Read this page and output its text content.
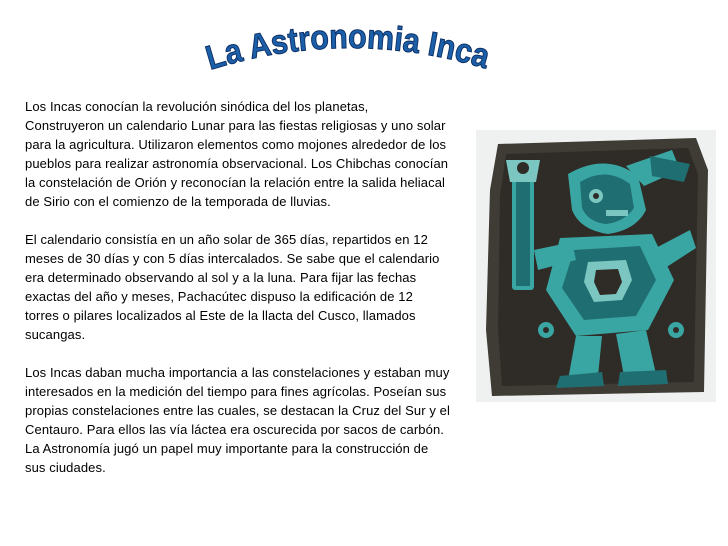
La Astronomia Inca

Los Incas conocían la revolución sinódica del los planetas, Construyeron un calendario Lunar para las fiestas religiosas y uno solar para la agricultura. Utilizaron elementos como mojones alrededor de los pueblos para realizar astronomía observacional. Los Chibchas conocían la constelación de Orión y reconocían la relación entre la salida heliacal de Sirio con el comienzo de la temporada de lluvias.

El calendario consistía en un año solar de 365 días, repartidos en 12 meses de 30 días y con 5 días intercalados. Se sabe que el calendario era determinado observando al sol y a la luna. Para fijar las fechas exactas del año y meses, Pachacútec dispuso la edificación de 12 torres o pilares localizados al Este de la llacta del Cusco, llamados sucangas.

Los Incas daban mucha importancia a las constelaciones y estaban muy interesados en la medición del tiempo para fines agrícolas. Poseían sus propias constelaciones entre las cuales, se destacan la Cruz del Sur y el Centauro. Para ellos las vía láctea era oscurecida por sacos de carbón. La Astronomía jugó un papel muy importante para la construcción de sus ciudades.
